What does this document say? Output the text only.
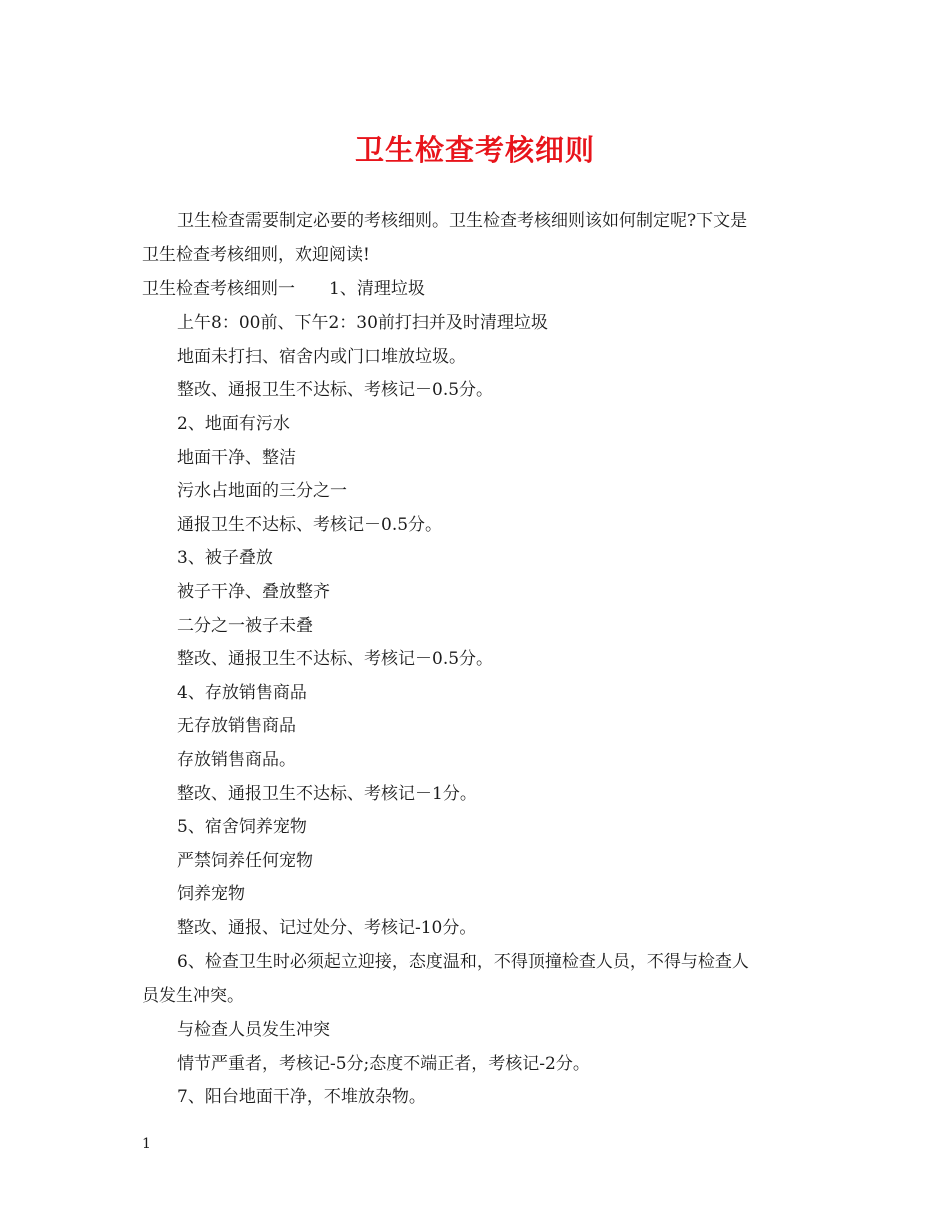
卫生检查考核细则
卫生检查需要制定必要的考核细则。卫生检查考核细则该如何制定呢?下文是
卫生检查考核细则，欢迎阅读!
卫生检查考核细则一　　1、清理垃圾
上午8：00前、下午2：30前打扫并及时清理垃圾
地面未打扫、宿舍内或门口堆放垃圾。
整改、通报卫生不达标、考核记－0.5分。
2、地面有污水
地面干净、整洁
污水占地面的三分之一
通报卫生不达标、考核记－0.5分。
3、被子叠放
被子干净、叠放整齐
二分之一被子未叠
整改、通报卫生不达标、考核记－0.5分。
4、存放销售商品
无存放销售商品
存放销售商品。
整改、通报卫生不达标、考核记－1分。
5、宿舍饲养宠物
严禁饲养任何宠物
饲养宠物
整改、通报、记过处分、考核记-10分。
6、检查卫生时必须起立迎接，态度温和，不得顶撞检查人员，不得与检查人
员发生冲突。
与检查人员发生冲突
情节严重者，考核记-5分;态度不端正者，考核记-2分。
7、阳台地面干净，不堆放杂物。
1
